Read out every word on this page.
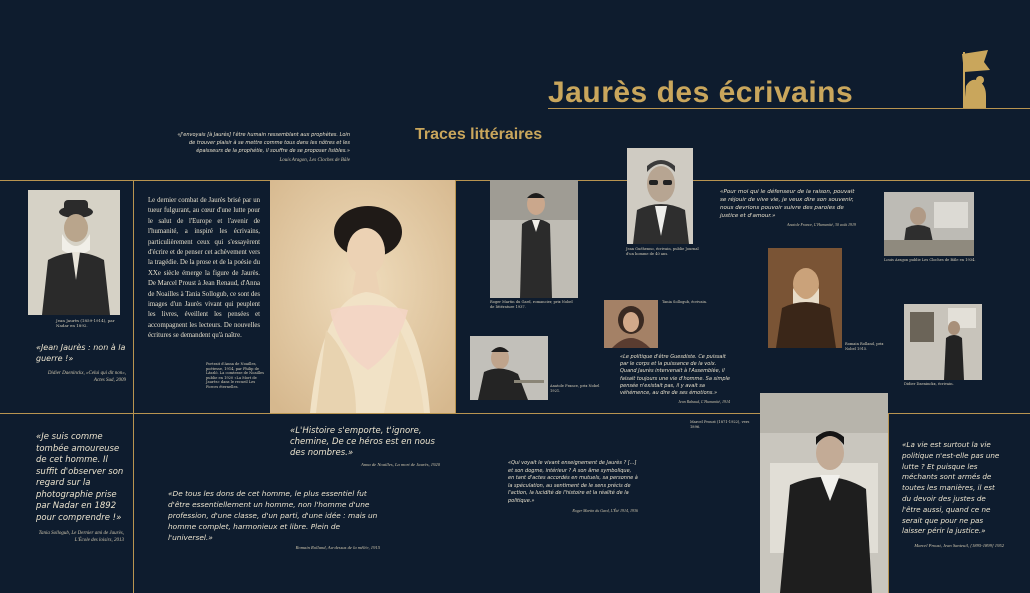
Jaurès des écrivains
Traces littéraires
«J'envoyais [à Jaurès] l'être humain ressemblant aux prophètes. Loin de trouver plaisir à se mettre comme tous dans les nôtres et les épaisseurs de la prophétie, il souffre de se proposer lisibles.»
Louis Aragon, Les Cloches de Bâle
Jean Jaurès (1859-1914), par Nadar en 1892.
«Jean Jaurès : non à la guerre !»
Didier Daeninckx, «Celui qui dit non», Actes Sud, 2009
«Je suis comme tombée amoureuse de cet homme. Il suffit d'observer son regard sur la photographie prise par Nadar en 1892 pour comprendre !»
Tania Sollogub, Le Dernier ami de Jaurès, L'École des loisirs, 2013
Le dernier combat de Jaurès brisé par un tueur fulgurant, au cœur d'une lutte pour le salut de l'Europe et l'avenir de l'humanité, a inspiré les écrivains, particulièrement ceux qui s'essayèrent d'écrire et de penser cet achèvement vers la tragédie. De la prose et de la poésie du XXe siècle émerge la figure de Jaurès. De Marcel Proust à Jean Renaud, d'Anna de Noailles à Tania Sollogub, ce sont des images d'un Jaurès vivant qui peuplent les livres, éveillent les pensées et accompagnent les lecteurs. De nouvelles écritures se demandent qu'à naître.
Portrait d'Anna de Noailles, poétesse, 1914, par Philip de László. La comtesse de Noailles publie en 1920 «La Mort de Jaurès» dans le recueil Les Forces éternelles.
Roger Martin du Gard, romancier, prix Nobel de littérature 1937.
Jean Guéhenno, écrivain, publie Journal d'un homme de 40 ans.
Tania Sollogub, écrivain.
Anatole France, prix Nobel 1921.
«Le politique d'être Guesdiste. Ce puissait par le corps et la puissance de la voix. Quand Jaurès intervenait à l'Assemblée, il faisait toujours une vie d'homme. Sa simple pensée n'existait pas, il y avait sa véhémence, au dire de ses émotions.»
Jean Rabaud, L'Humanité, 1914
«Pour moi qui le défenseur de la raison, pouvait se réjouir de vive vie, je veux dire son souvenir, nous devrions pouvoir suivre des paroles de justice et d'amour.»
Anatole France, L'Humanité, 30 août 1919
Romain Rolland, prix Nobel 1915.
Louis Aragon publie Les Cloches de Bâle en 1934.
Didier Daeninckx, écrivain.
«L'Histoire s'emporte, t'ignore, chemine, De ce héros est en nous des nombres.»
Anna de Noailles, La mort de Jaurès, 1920
«De tous les dons de cet homme, le plus essentiel fut d'être essentiellement un homme, non l'homme d'une profession, d'une classe, d'un parti, d'une idée : mais un homme complet, harmonieux et libre. Plein de l'universel.»
Romain Rolland, Au-dessus de la mêlée, 1915
«Qui voyait le vivant enseignement de Jaurès ? [...] et son dogme, intérieur ? A son âme symbolique, en tant d'actes accordés en mutuels, sa personne à la spéculation, au sentiment de le sens précis de l'action, la lucidité de l'histoire et la réalité de la politique.»
Roger Martin du Gard, L'Été 1914, 1936
Marcel Proust (1871-1922), vers 1896.
«La vie est surtout la vie politique n'est-elle pas une lutte ? Et puisque les méchants sont armés de toutes les manières, il est du devoir des justes de l'être aussi, quand ce ne serait que pour ne pas laisser périr la justice.»
Marcel Proust, Jean Santeuil, [1895-1899] 1952
